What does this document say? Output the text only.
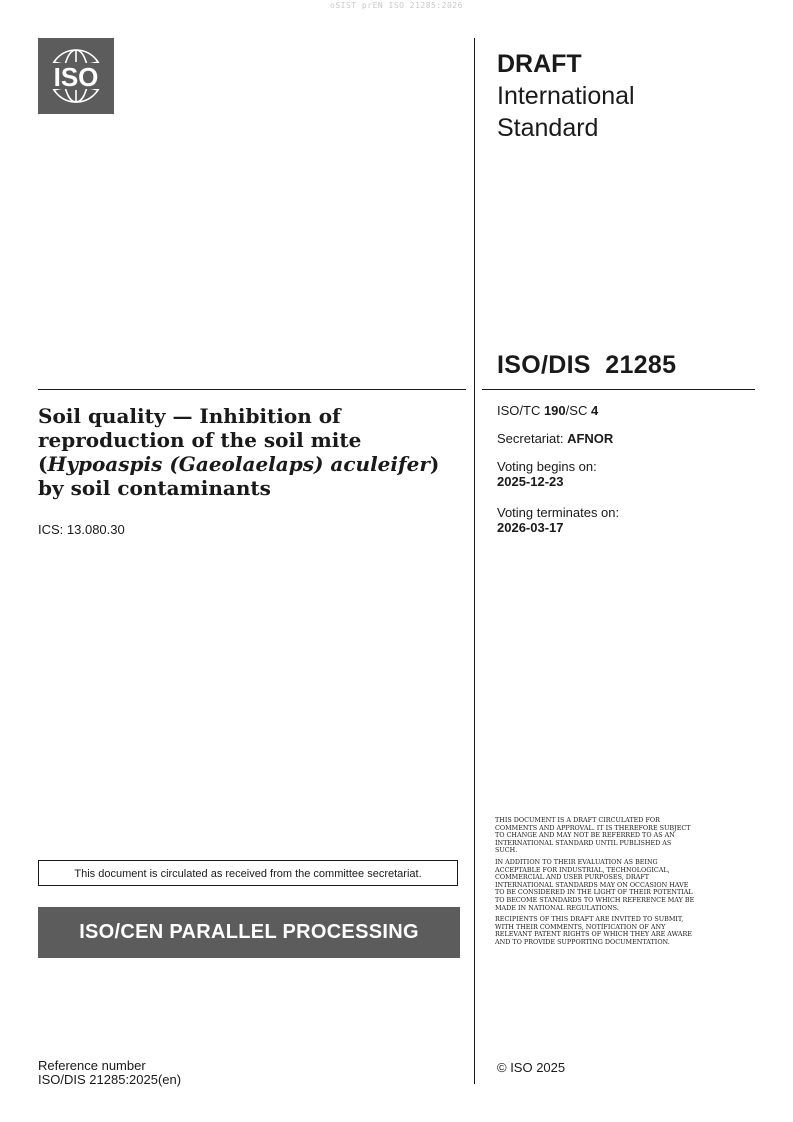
oSIST prEN ISO 21285:2026
ISO	DRAFT
International
Standard
ISO/DIS  21285
Soil quality — Inhibition of reproduction of the soil mite (Hypoaspis (Gaeolaelaps) aculeifer) by soil contaminants
ICS: 13.080.30
ISO/TC 190/SC 4
Secretariat: AFNOR
Voting begins on:
2025-12-23
Voting terminates on:
2026-03-17
This document is circulated as received from the committee secretariat.
ISO/CEN PARALLEL PROCESSING
Reference number
ISO/DIS 21285:2025(en)

THIS DOCUMENT IS A DRAFT CIRCULATED FOR COMMENTS AND APPROVAL. IT IS THEREFORE SUBJECT TO CHANGE AND MAY NOT BE REFERRED TO AS AN INTERNATIONAL STANDARD UNTIL PUBLISHED AS SUCH.

IN ADDITION TO THEIR EVALUATION AS BEING ACCEPTABLE FOR INDUSTRIAL, TECHNOLOGICAL, COMMERCIAL AND USER PURPOSES, DRAFT INTERNATIONAL STANDARDS MAY ON OCCASION HAVE TO BE CONSIDERED IN THE LIGHT OF THEIR POTENTIAL TO BECOME STANDARDS TO WHICH REFERENCE MAY BE MADE IN NATIONAL REGULATIONS.

RECIPIENTS OF THIS DRAFT ARE INVITED TO SUBMIT, WITH THEIR COMMENTS, NOTIFICATION OF ANY RELEVANT PATENT RIGHTS OF WHICH THEY ARE AWARE AND TO PROVIDE SUPPORTING DOCUMENTATION.

© ISO 2025
